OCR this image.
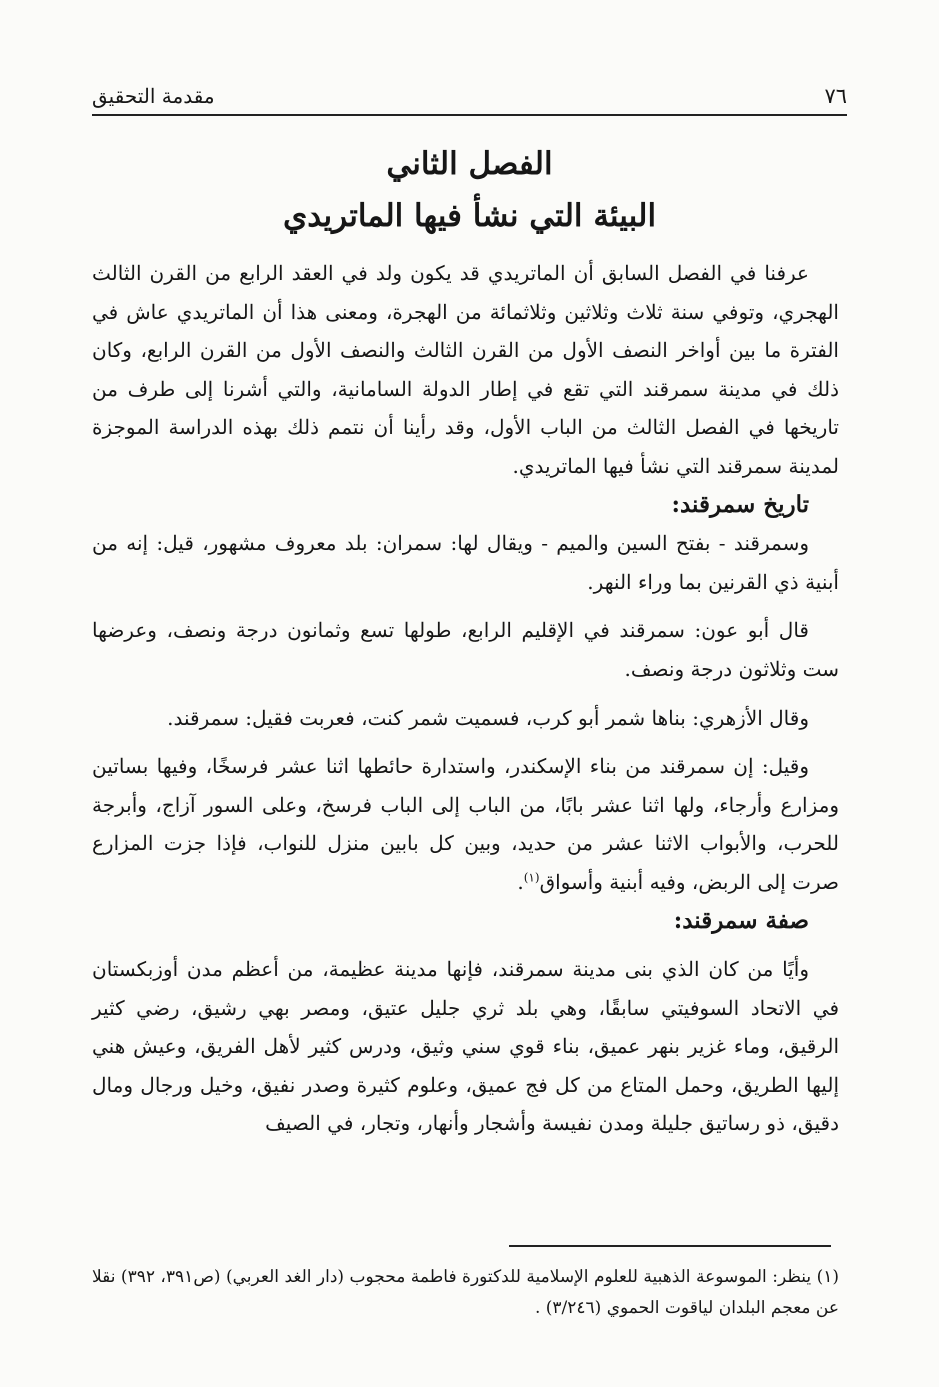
٧٦
مقدمة التحقيق
الفصل الثاني
البيئة التي نشأ فيها الماتريدي

عرفنا في الفصل السابق أن الماتريدي قد يكون ولد في العقد الرابع من القرن الثالث الهجري، وتوفي سنة ثلاث وثلاثين وثلاثمائة من الهجرة، ومعنى هذا أن الماتريدي عاش في الفترة ما بين أواخر النصف الأول من القرن الثالث والنصف الأول من القرن الرابع، وكان ذلك في مدينة سمرقند التي تقع في إطار الدولة السامانية، والتي أشرنا إلى طرف من تاريخها في الفصل الثالث من الباب الأول، وقد رأينا أن نتمم ذلك بهذه الدراسة الموجزة لمدينة سمرقند التي نشأ فيها الماتريدي.

تاريخ سمرقند:

وسمرقند - بفتح السين والميم - ويقال لها: سمران: بلد معروف مشهور، قيل: إنه من أبنية ذي القرنين بما وراء النهر.

قال أبو عون: سمرقند في الإقليم الرابع، طولها تسع وثمانون درجة ونصف، وعرضها ست وثلاثون درجة ونصف.

وقال الأزهري: بناها شمر أبو كرب، فسميت شمر كنت، فعربت فقيل: سمرقند.

وقيل: إن سمرقند من بناء الإسكندر، واستدارة حائطها اثنا عشر فرسخًا، وفيها بساتين ومزارع وأرجاء، ولها اثنا عشر بابًا، من الباب إلى الباب فرسخ، وعلى السور آزاج، وأبرجة للحرب، والأبواب الاثنا عشر من حديد، وبين كل بابين منزل للنواب، فإذا جزت المزارع صرت إلى الربض، وفيه أبنية وأسواق$^{(١)}$.

صفة سمرقند:

وأيًا من كان الذي بنى مدينة سمرقند، فإنها مدينة عظيمة، من أعظم مدن أوزبكستان في الاتحاد السوفيتي سابقًا، وهي بلد ثري جليل عتيق، ومصر بهي رشيق، رضي كثير الرقيق، وماء غزير بنهر عميق، بناء قوي سني وثيق، ودرس كثير لأهل الفريق، وعيش هني إليها الطريق، وحمل المتاع من كل فج عميق، وعلوم كثيرة وصدر نفيق، وخيل ورجال ومال دقيق، ذو رساتيق جليلة ومدن نفيسة وأشجار وأنهار، وتجار، في الصيف

(١) ينظر: الموسوعة الذهبية للعلوم الإسلامية للدكتورة فاطمة محجوب (دار الغد العربي) (ص٣٩١، ٣٩٢) نقلا عن معجم البلدان لياقوت الحموي (٣/٢٤٦) .
